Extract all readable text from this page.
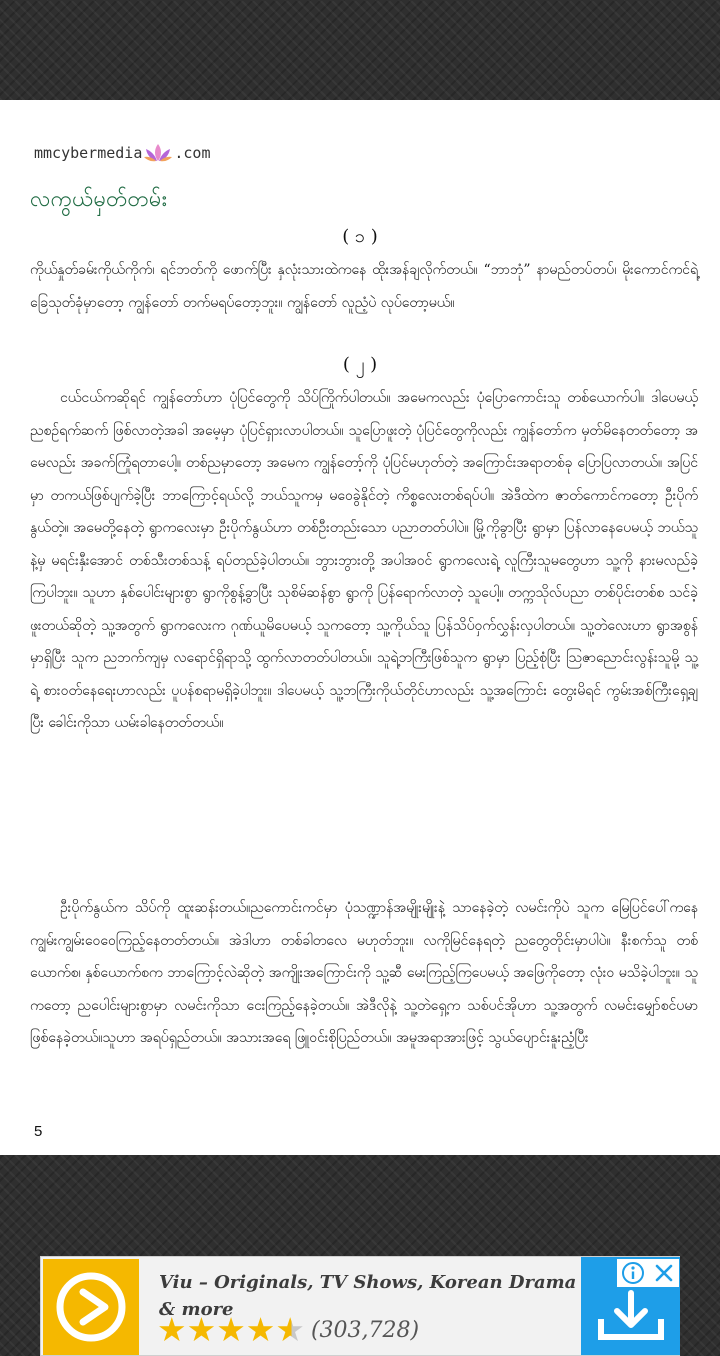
mmcybermedia .com
လကွယ်မှတ်တမ်း
( ၁ )
ကိုယ်နှုတ်ခမ်းကိုယ်ကိုက်၊ ရင်ဘတ်ကို ဖောက်ပြီး နှလုံးသားထဲကနေ ထိုးအန်ချလိုက်တယ်။ “ဘာဘုံ” နာမည်တပ်တပ်၊ မိုးကောင်ကင်ရဲ့ ခြေသုတ်ခုံမှာတော့ ကျွန်တော် တက်မရပ်တော့ဘူး။ ကျွန်တော် လူညံ့ပဲ လုပ်တော့မယ်။
( ၂ )
ငယ်ငယ်ကဆိုရင် ကျွန်တော်ဟာ ပုံပြင်တွေကို သိပ်ကြိုက်ပါတယ်။ အမေကလည်း ပုံပြောကောင်းသူ တစ်ယောက်ပါ။ ဒါပေမယ့် ညစဉ်ရက်ဆက် ဖြစ်လာတဲ့အခါ အမေ့မှာ ပုံပြင်ရှားလာပါတယ်။ သူပြောဖူးတဲ့ ပုံပြင်တွေကိုလည်း ကျွန်တော်က မှတ်မိနေတတ်တော့ အမေလည်း အခက်ကြုံရတာပေါ့။ တစ်ညမှာတော့ အမေက ကျွန်တော့်ကို ပုံပြင်မဟုတ်တဲ့ အကြောင်းအရာတစ်ခု ပြောပြလာတယ်။ အပြင်မှာ တကယ်ဖြစ်ပျက်ခဲ့ပြီး ဘာကြောင့်ရယ်လို့ ဘယ်သူကမှ မဝေခွဲနိုင်တဲ့ ကိစ္စလေးတစ်ရပ်ပါ။ အဲဒီထဲက ဇာတ်ကောင်ကတော့ ဦးပိုက်နွယ်တဲ့။ အမေတို့နေတဲ့ ရွာကလေးမှာ ဦးပိုက်နွယ်ဟာ တစ်ဦးတည်းသော ပညာတတ်ပါပဲ။ မြို့ကိုခွာပြီး ရွာမှာ ပြန်လာနေပေမယ့် ဘယ်သူနဲ့မှ မရင်းနှီးအောင် တစ်သီးတစ်သန့် ရပ်တည်ခဲ့ပါတယ်။ ဘွားဘွားတို့ အပါအဝင် ရွာကလေးရဲ့ လူကြီးသူမတွေဟာ သူ့ကို နားမလည်ခဲ့ကြပါဘူး။ သူဟာ နှစ်ပေါင်းများစွာ ရွာကိုစွန့်ခွာပြီး သုစိမ်ဆန်စွာ ရွာကို ပြန်ရောက်လာတဲ့ သူပေါ့။ တက္ကသိုလ်ပညာ တစ်ပိုင်းတစ်စ သင်ခဲ့ဖူးတယ်ဆိုတဲ့ သူ့အတွက် ရွာကလေးက ဂုဏ်ယူမိပေမယ့် သူကတော့ သူ့ကိုယ်သူ ပြန်သိပ်ဝှက်လွှန်းလှပါတယ်။ သူ့တဲလေးဟာ ရွာအစွန်မှာရှိပြီး သူက ညဘက်ကျမှ လရောင်ရှိရာသို့ ထွက်လာတတ်ပါတယ်။ သူရဲ့ဘကြီးဖြစ်သူက ရွာမှာ ပြည့်စုံပြီး သြဇာညောင်းလွန်းသူမို့ သူ့ရဲ့ စားဝတ်နေရေးဟာလည်း ပူပန်စရာမရှိခဲ့ပါဘူး။ ဒါပေမယ့် သူ့ဘကြီးကိုယ်တိုင်ဟာလည်း သူ့အကြောင်း တွေးမိရင် ကွမ်းအစ်ကြီးရှေ့ချပြီး ခေါင်းကိုသာ ယမ်းခါနေတတ်တယ်။
ဦးပိုက်နွယ်က သိပ်ကို ထူးဆန်းတယ်။ညကောင်းကင်မှာ ပုံသဏ္ဍာန်အမျိုးမျိုးနဲ့ သာနေခဲ့တဲ့ လမင်းကိုပဲ သူက မြေပြင်ပေါ်ကနေ ကျွမ်းကျွမ်းဝေဝေကြည့်နေတတ်တယ်။ အဲဒါဟာ တစ်ခါတလေ မဟုတ်ဘူး။ လကိုမြင်နေရတဲ့ ညတွေတိုင်းမှာပါပဲ။ နီးစက်သူ တစ်ယောက်စ၊ နှစ်ယောက်စက ဘာကြောင့်လဲဆိုတဲ့ အကျိုးအကြောင်းကို သူ့ဆီ မေးကြည့်ကြပေမယ့် အဖြေကိုတော့ လုံးဝ မသိခဲ့ပါဘူး။ သူကတော့ ညပေါင်းများစွာမှာ လမင်းကိုသာ ငေးကြည့်နေခဲ့တယ်။ အဲဒီလိုနဲ့ သူ့တဲရှေ့က သစ်ပင်အိုဟာ သူ့အတွက် လမင်းမျှော်စင်ပမာ ဖြစ်နေခဲ့တယ်။သူဟာ အရပ်ရှည်တယ်။ အသားအရေ ဖြူဝင်းစိုပြည်တယ်။ အမူအရာအားဖြင့် သွယ်ပျောင်းနူးညံ့ပြီး
5
Viu – Originals, TV Shows, Korean Drama & more
★ ★ ★ ★ ★ (303,728)
